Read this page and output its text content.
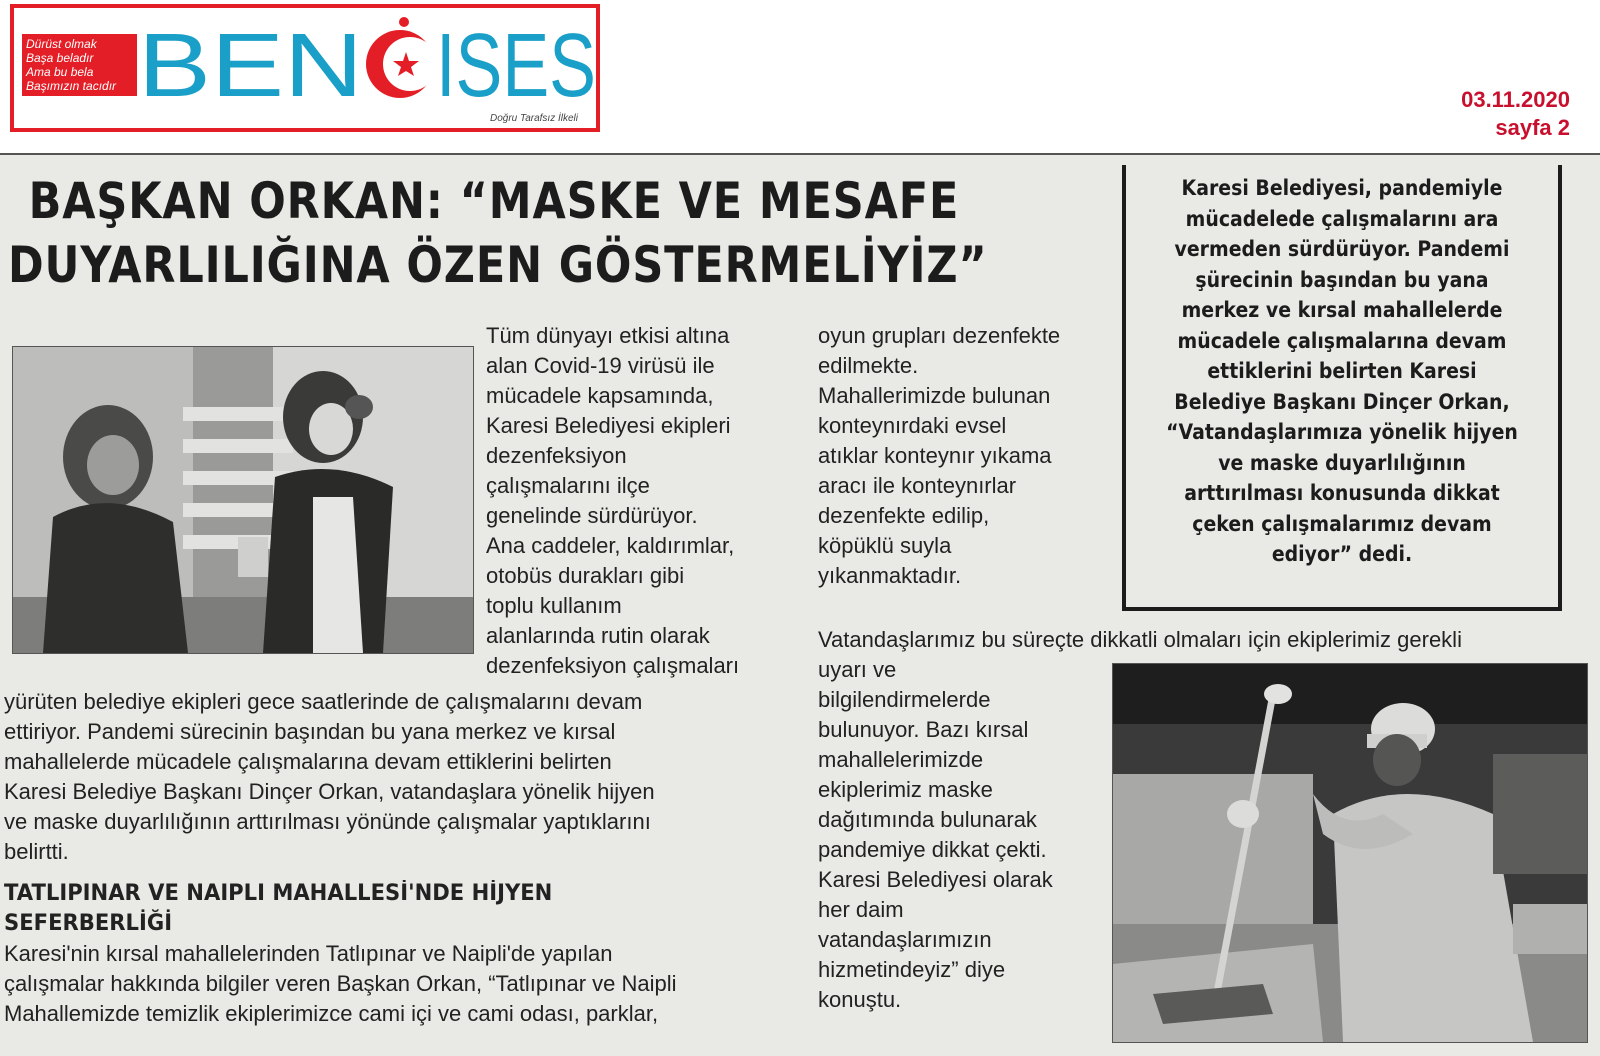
Dürüst olmak
Başa beladır
Ama bu bela
Başımızın tacıdır BEN ISES
Doğru Tarafsız İlkeli
03.11.2020
sayfa 2
BAŞKAN ORKAN: “MASKE VE MESAFE
DUYARLILIĞINA ÖZEN GÖSTERMELİYİZ”
Tüm dünyayı etkisi altına
alan Covid-19 virüsü ile
mücadele kapsamında,
Karesi Belediyesi ekipleri
dezenfeksiyon
çalışmalarını ilçe
genelinde sürdürüyor.
Ana caddeler, kaldırımlar,
otobüs durakları gibi
toplu kullanım
alanlarında rutin olarak
dezenfeksiyon çalışmaları
yürüten belediye ekipleri gece saatlerinde de çalışmalarını devam
ettiriyor. Pandemi sürecinin başından bu yana merkez ve kırsal
mahallelerde mücadele çalışmalarına devam ettiklerini belirten
Karesi Belediye Başkanı Dinçer Orkan, vatandaşlara yönelik hijyen
ve maske duyarlılığının arttırılması yönünde çalışmalar yaptıklarını
belirtti.
TATLIPINAR VE NAIPLI MAHALLESİ'NDE HİJYEN
SEFERBERLİĞİ
Karesi'nin kırsal mahallelerinden Tatlıpınar ve Naipli'de yapılan
çalışmalar hakkında bilgiler veren Başkan Orkan, “Tatlıpınar ve Naipli
Mahallemizde temizlik ekiplerimizce cami içi ve cami odası, parklar,
oyun grupları dezenfekte
edilmekte.
Mahallerimizde bulunan
konteynırdaki evsel
atıklar konteynır yıkama
aracı ile konteynırlar
dezenfekte edilip,
köpüklü suyla
yıkanmaktadır.
Vatandaşlarımız bu süreçte dikkatli olmaları için ekiplerimiz gerekli
uyarı ve
bilgilendirmelerde
bulunuyor. Bazı kırsal
mahallelerimizde
ekiplerimiz maske
dağıtımında bulunarak
pandemiye dikkat çekti.
Karesi Belediyesi olarak
her daim
vatandaşlarımızın
hizmetindeyiz” diye
konuştu.
Karesi Belediyesi, pandemiyle
mücadelede çalışmalarını ara
vermeden sürdürüyor. Pandemi
şürecinin başından bu yana
merkez ve kırsal mahallelerde
mücadele çalışmalarına devam
ettiklerini belirten Karesi
Belediye Başkanı Dinçer Orkan,
“Vatandaşlarımıza yönelik hijyen
ve maske duyarlılığının
arttırılması konusunda dikkat
çeken çalışmalarımız devam
ediyor” dedi.
